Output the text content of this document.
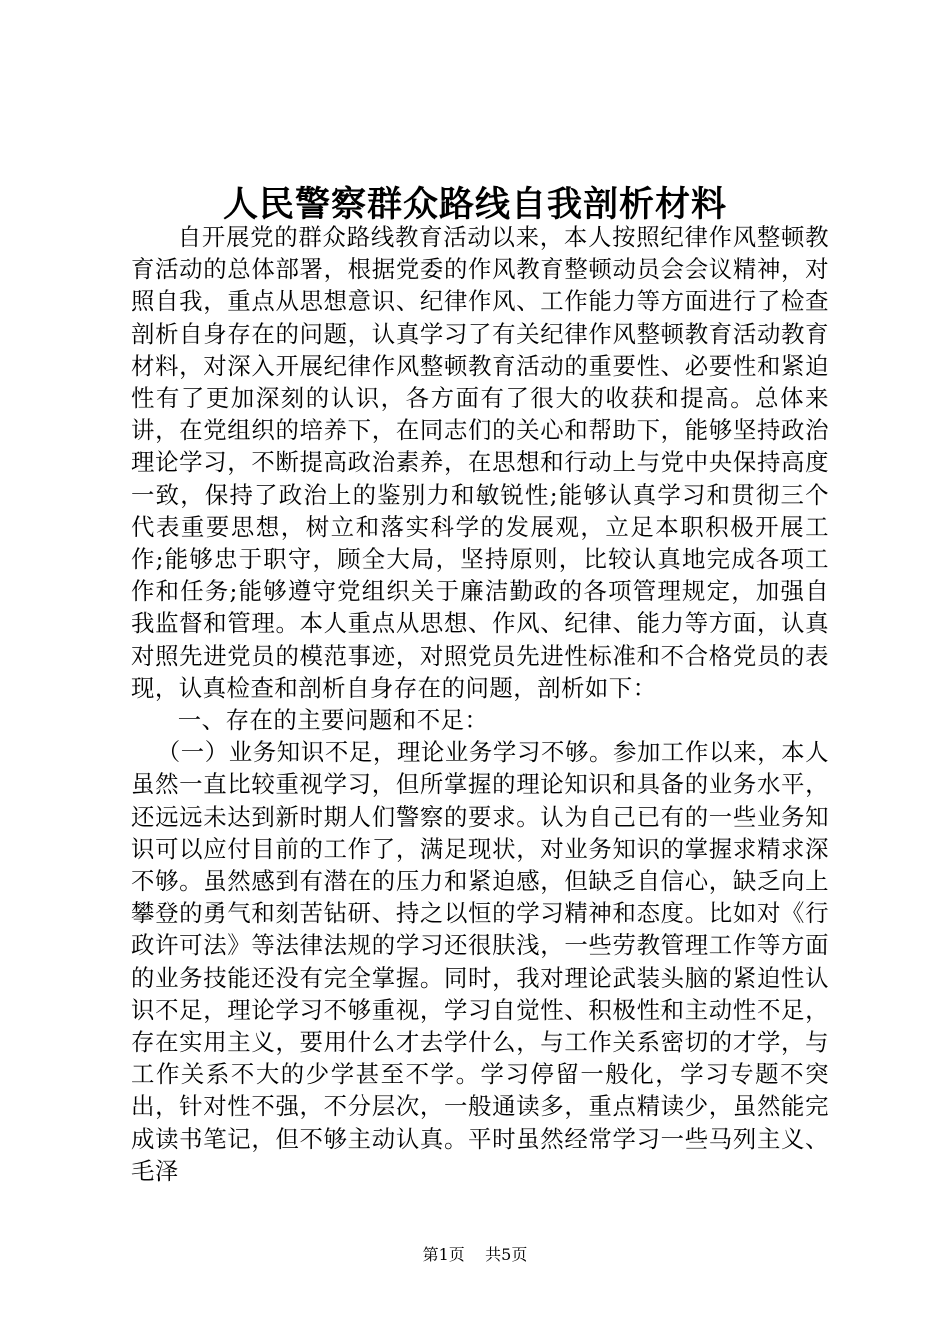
人民警察群众路线自我剖析材料

自开展党的群众路线教育活动以来，本人按照纪律作风整顿教育活动的总体部署，根据党委的作风教育整顿动员会会议精神，对照自我，重点从思想意识、纪律作风、工作能力等方面进行了检查剖析自身存在的问题，认真学习了有关纪律作风整顿教育活动教育材料，对深入开展纪律作风整顿教育活动的重要性、必要性和紧迫性有了更加深刻的认识，各方面有了很大的收获和提高。总体来讲，在党组织的培养下，在同志们的关心和帮助下，能够坚持政治理论学习，不断提高政治素养，在思想和行动上与党中央保持高度一致，保持了政治上的鉴别力和敏锐性;能够认真学习和贯彻三个代表重要思想，树立和落实科学的发展观，立足本职积极开展工作;能够忠于职守，顾全大局，坚持原则，比较认真地完成各项工作和任务;能够遵守党组织关于廉洁勤政的各项管理规定，加强自我监督和管理。本人重点从思想、作风、纪律、能力等方面，认真对照先进党员的模范事迹，对照党员先进性标准和不合格党员的表现，认真检查和剖析自身存在的问题，剖析如下：

一、存在的主要问题和不足：

（一）业务知识不足，理论业务学习不够。参加工作以来，本人虽然一直比较重视学习，但所掌握的理论知识和具备的业务水平，还远远未达到新时期人们警察的要求。认为自己已有的一些业务知识可以应付目前的工作了，满足现状，对业务知识的掌握求精求深不够。虽然感到有潜在的压力和紧迫感，但缺乏自信心，缺乏向上攀登的勇气和刻苦钻研、持之以恒的学习精神和态度。比如对《行政许可法》等法律法规的学习还很肤浅，一些劳教管理工作等方面的业务技能还没有完全掌握。同时，我对理论武装头脑的紧迫性认识不足，理论学习不够重视，学习自觉性、积极性和主动性不足，存在实用主义，要用什么才去学什么，与工作关系密切的才学，与工作关系不大的少学甚至不学。学习停留一般化，学习专题不突出，针对性不强，不分层次，一般通读多，重点精读少，虽然能完成读书笔记，但不够主动认真。平时虽然经常学习一些马列主义、毛泽

第1页 共5页
